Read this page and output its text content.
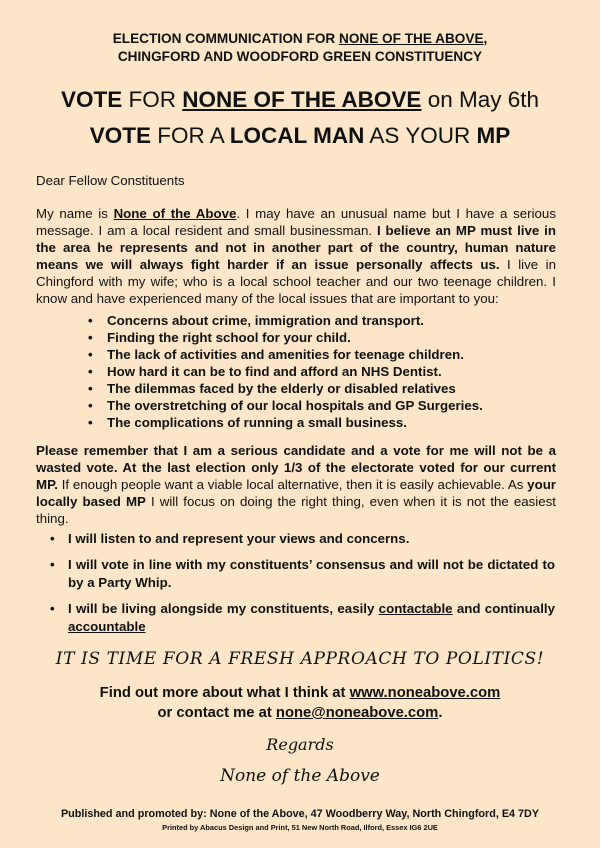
ELECTION COMMUNICATION FOR NONE OF THE ABOVE,
CHINGFORD AND WOODFORD GREEN CONSTITUENCY
VOTE FOR NONE OF THE ABOVE on May 6th
VOTE FOR A LOCAL MAN AS YOUR MP
Dear Fellow Constituents
My name is None of the Above. I may have an unusual name but I have a serious message. I am a local resident and small businessman. I believe an MP must live in the area he represents and not in another part of the country, human nature means we will always fight harder if an issue personally affects us. I live in Chingford with my wife; who is a local school teacher and our two teenage children. I know and have experienced many of the local issues that are important to you:
• Concerns about crime, immigration and transport.
• Finding the right school for your child.
• The lack of activities and amenities for teenage children.
• How hard it can be to find and afford an NHS Dentist.
• The dilemmas faced by the elderly or disabled relatives
• The overstretching of our local hospitals and GP Surgeries.
• The complications of running a small business.
Please remember that I am a serious candidate and a vote for me will not be a wasted vote. At the last election only 1/3 of the electorate voted for our current MP. If enough people want a viable local alternative, then it is easily achievable. As your locally based MP I will focus on doing the right thing, even when it is not the easiest thing.
• I will listen to and represent your views and concerns.
• I will vote in line with my constituents’ consensus and will not be dictated to by a Party Whip.
• I will be living alongside my constituents, easily contactable and continually accountable
IT IS TIME FOR A FRESH APPROACH TO POLITICS!
Find out more about what I think at www.noneabove.com
or contact me at none@noneabove.com.
Regards
None of the Above
Published and promoted by: None of the Above, 47 Woodberry Way, North Chingford, E4 7DY
Printed by Abacus Design and Print, 51 New North Road, Ilford, Essex IG6 2UE
